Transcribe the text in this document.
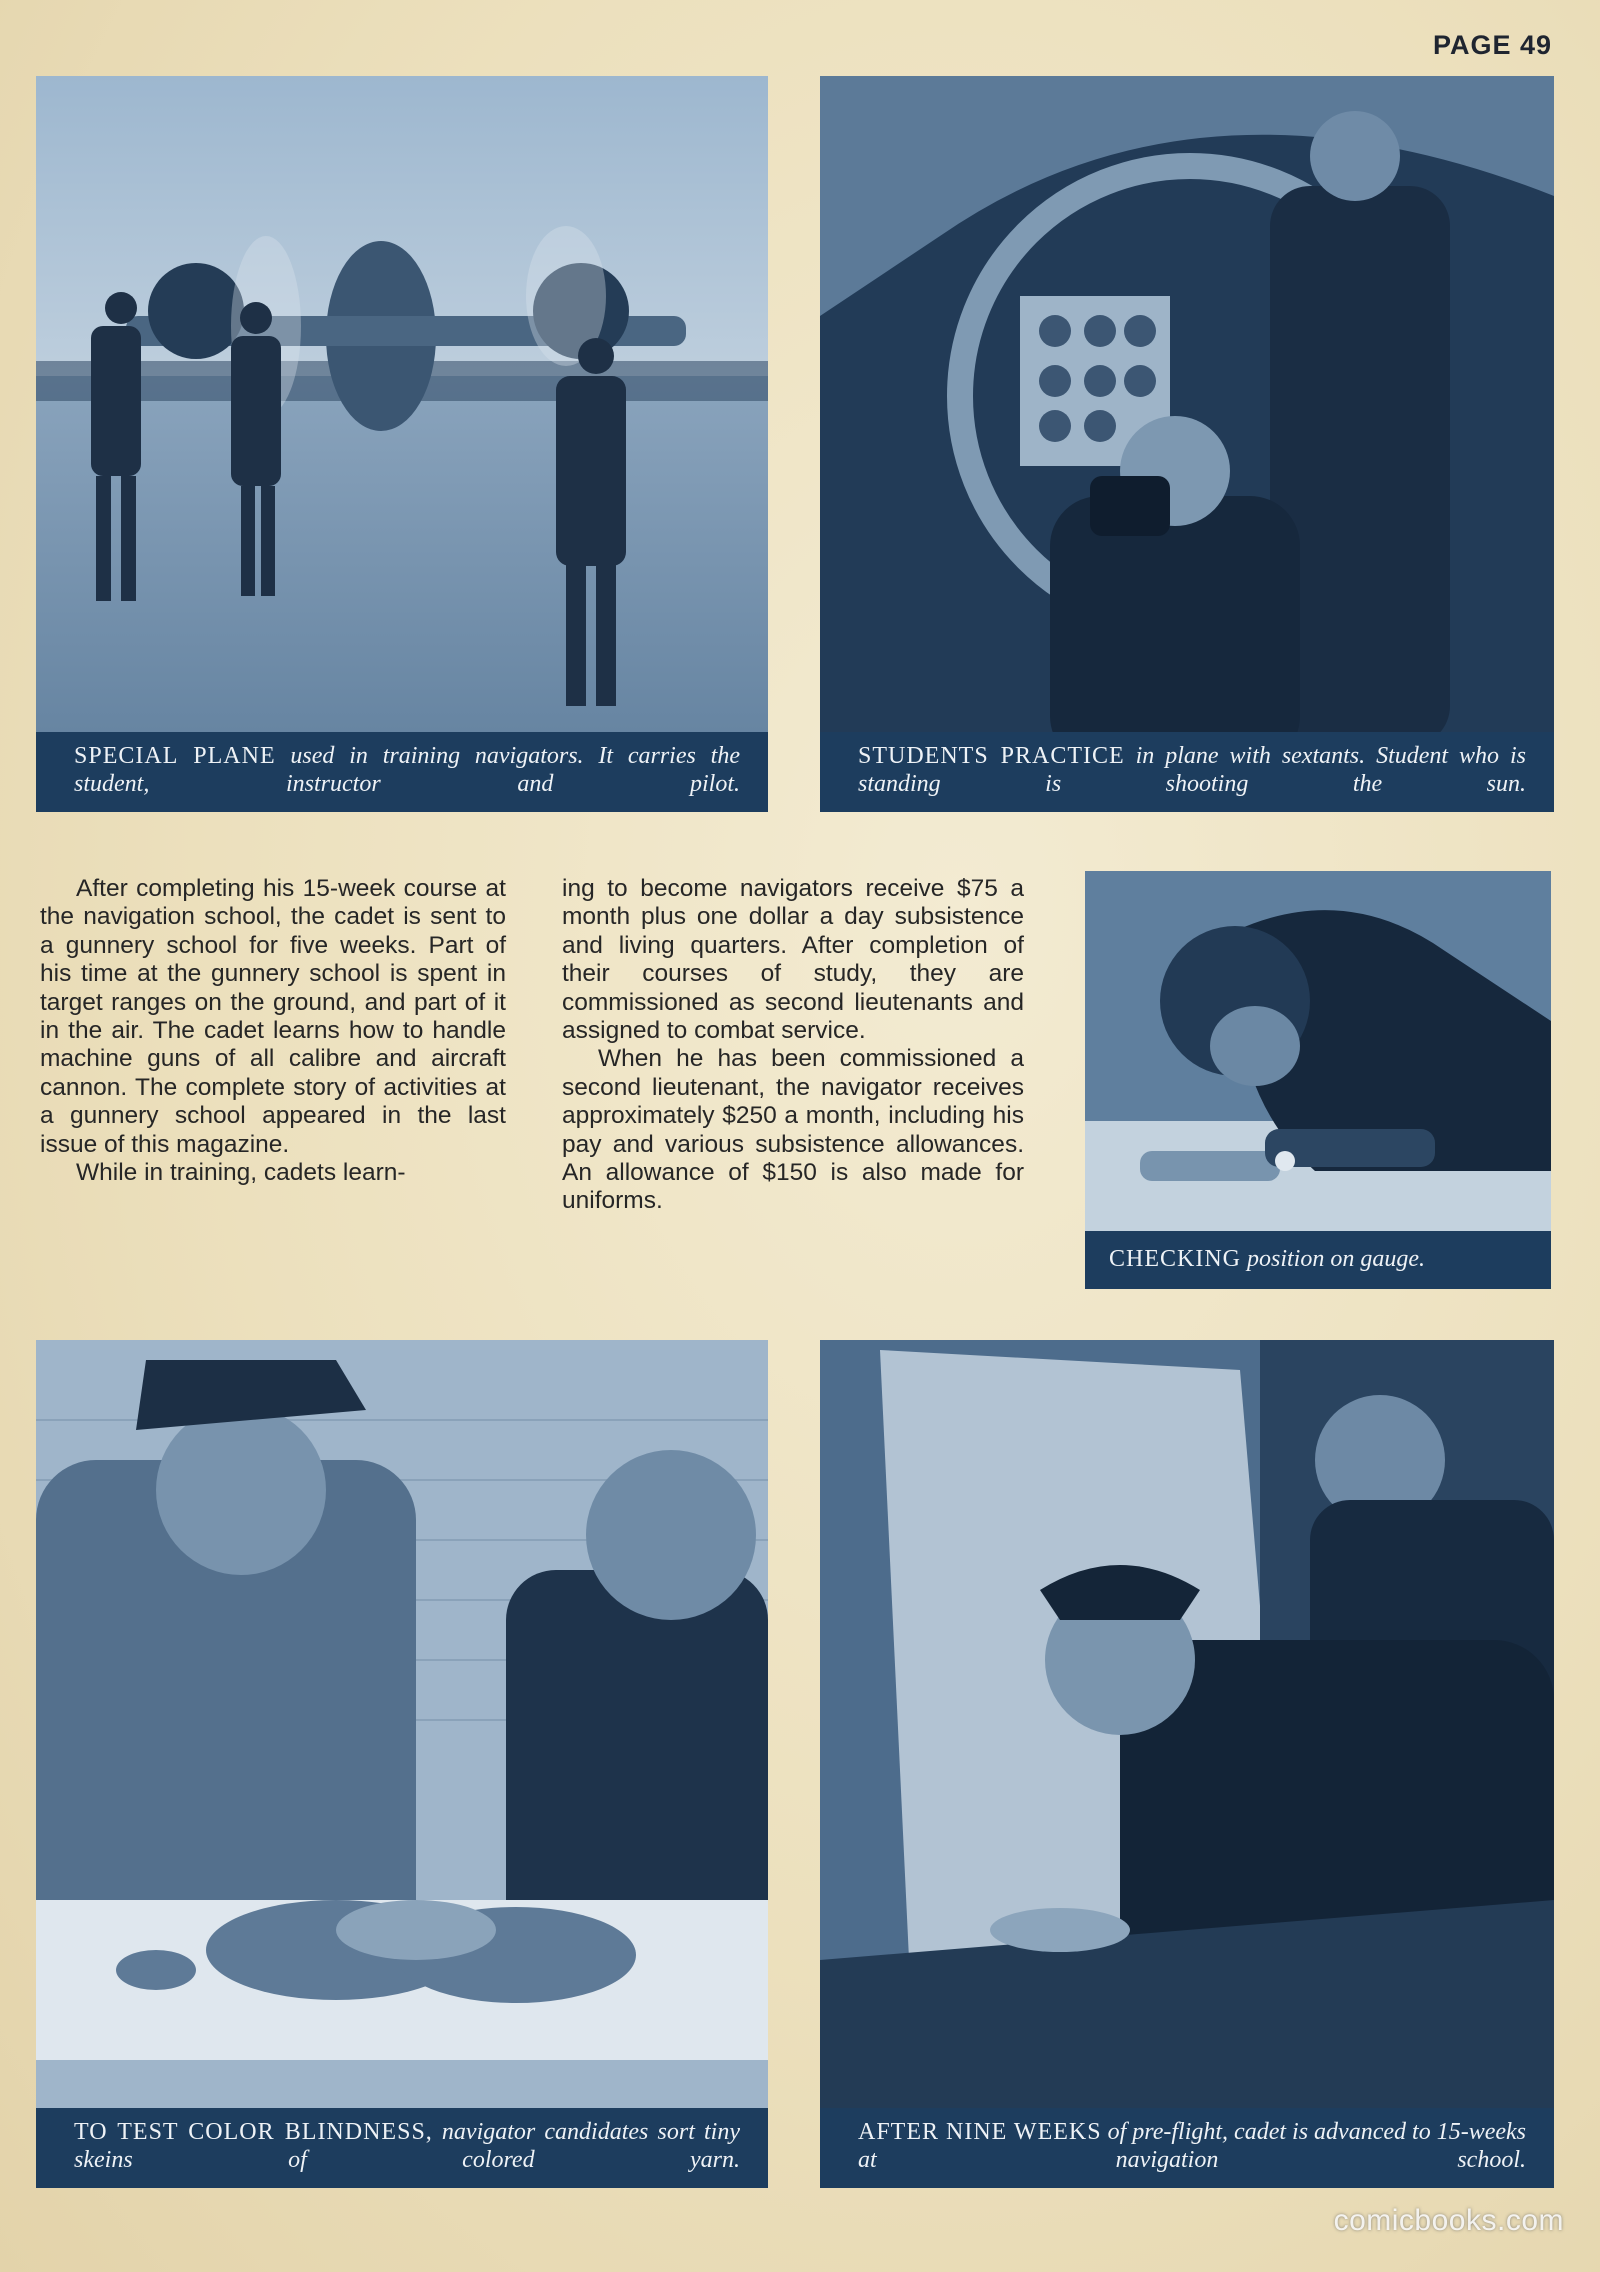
PAGE 49
SPECIAL PLANE used in training navigators. It carries the student, instructor and pilot.
STUDENTS PRACTICE in plane with sextants. Student who is standing is shooting the sun.

After completing his 15-week course at the navigation school, the cadet is sent to a gunnery school for five weeks. Part of his time at the gunnery school is spent in target ranges on the ground, and part of it in the air. The cadet learns how to handle machine guns of all calibre and aircraft cannon. The complete story of activities at a gunnery school appeared in the last issue of this magazine.

While in training, cadets learn-

ing to become navigators receive $75 a month plus one dollar a day subsistence and living quarters. After completion of their courses of study, they are commissioned as second lieutenants and assigned to combat service.

When he has been commissioned a second lieutenant, the navigator receives approximately $250 a month, including his pay and various subsistence allowances. An allowance of $150 is also made for uniforms.

CHECKING position on gauge.
TO TEST COLOR BLINDNESS, navigator candidates sort tiny skeins of colored yarn.
AFTER NINE WEEKS of pre-flight, cadet is advanced to 15-weeks at navigation school.
comicbooks.com
